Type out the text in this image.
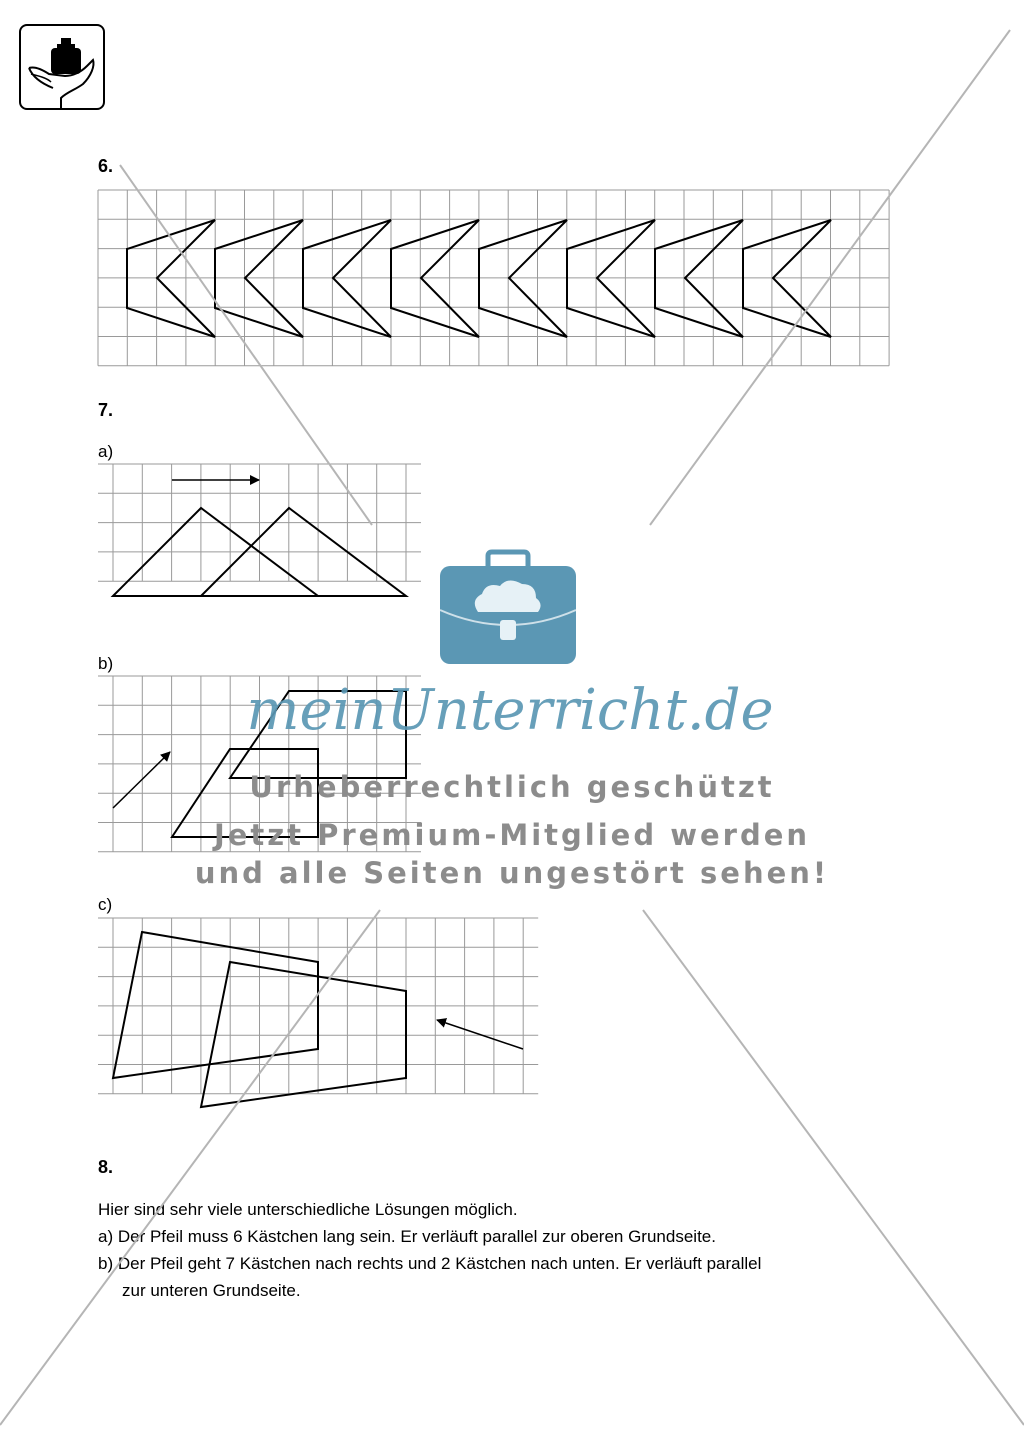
6.
7.
a)
b)
c)
8.
Hier sind sehr viele unterschiedliche Lösungen möglich.
a) Der Pfeil muss 6 Kästchen lang sein. Er verläuft parallel zur oberen Grundseite.
b) Der Pfeil geht 7 Kästchen nach rechts und 2 Kästchen nach unten. Er verläuft parallel
zur unteren Grundseite.
meinUnterricht.de
Urheberrechtlich geschützt
Jetzt Premium-Mitglied werden
und alle Seiten ungestört sehen!
